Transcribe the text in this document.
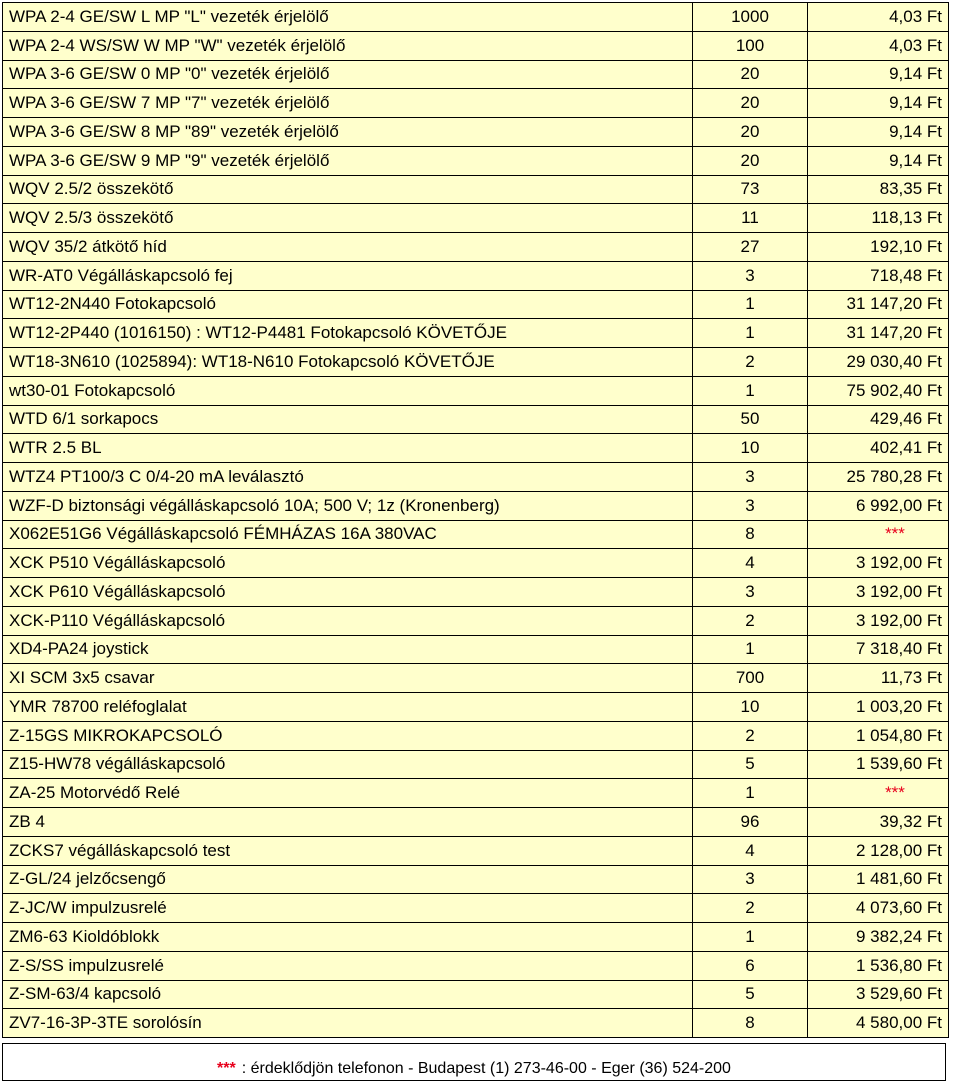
WPA 2-4 GE/SW L MP "L" vezeték érjelölő	1000	4,03 Ft
WPA 2-4 WS/SW W MP "W" vezeték érjelölő	100	4,03 Ft
WPA 3-6 GE/SW 0 MP "0" vezeték érjelölő	20	9,14 Ft
WPA 3-6 GE/SW 7 MP "7" vezeték érjelölő	20	9,14 Ft
WPA 3-6 GE/SW 8 MP "89" vezeték érjelölő	20	9,14 Ft
WPA 3-6 GE/SW 9 MP "9" vezeték érjelölő	20	9,14 Ft
WQV 2.5/2 összekötő	73	83,35 Ft
WQV 2.5/3 összekötő	11	118,13 Ft
WQV 35/2 átkötő híd	27	192,10 Ft
WR-AT0 Végálláskapcsoló fej	3	718,48 Ft
WT12-2N440 Fotokapcsoló	1	31 147,20 Ft
WT12-2P440 (1016150) : WT12-P4481 Fotokapcsoló KÖVETŐJE	1	31 147,20 Ft
WT18-3N610 (1025894): WT18-N610 Fotokapcsoló KÖVETŐJE	2	29 030,40 Ft
wt30-01 Fotokapcsoló	1	75 902,40 Ft
WTD 6/1 sorkapocs	50	429,46 Ft
WTR 2.5 BL	10	402,41 Ft
WTZ4 PT100/3 C 0/4-20 mA leválasztó	3	25 780,28 Ft
WZF-D biztonsági végálláskapcsoló 10A; 500 V; 1z (Kronenberg)	3	6 992,00 Ft
X062E51G6 Végálláskapcsoló FÉMHÁZAS 16A 380VAC	8	***
XCK P510 Végálláskapcsoló	4	3 192,00 Ft
XCK P610 Végálláskapcsoló	3	3 192,00 Ft
XCK-P110 Végálláskapcsoló	2	3 192,00 Ft
XD4-PA24 joystick	1	7 318,40 Ft
XI SCM 3x5 csavar	700	11,73 Ft
YMR 78700 reléfoglalat	10	1 003,20 Ft
Z-15GS MIKROKAPCSOLÓ	2	1 054,80 Ft
Z15-HW78 végálláskapcsoló	5	1 539,60 Ft
ZA-25 Motorvédő Relé	1	***
ZB 4	96	39,32 Ft
ZCKS7 végálláskapcsoló test	4	2 128,00 Ft
Z-GL/24 jelzőcsengő	3	1 481,60 Ft
Z-JC/W impulzusrelé	2	4 073,60 Ft
ZM6-63 Kioldóblokk	1	9 382,24 Ft
Z-S/SS impulzusrelé	6	1 536,80 Ft
Z-SM-63/4 kapcsoló	5	3 529,60 Ft
ZV7-16-3P-3TE sorolósín	8	4 580,00 Ft
*** : érdeklődjön telefonon - Budapest (1) 273-46-00 - Eger (36) 524-200
